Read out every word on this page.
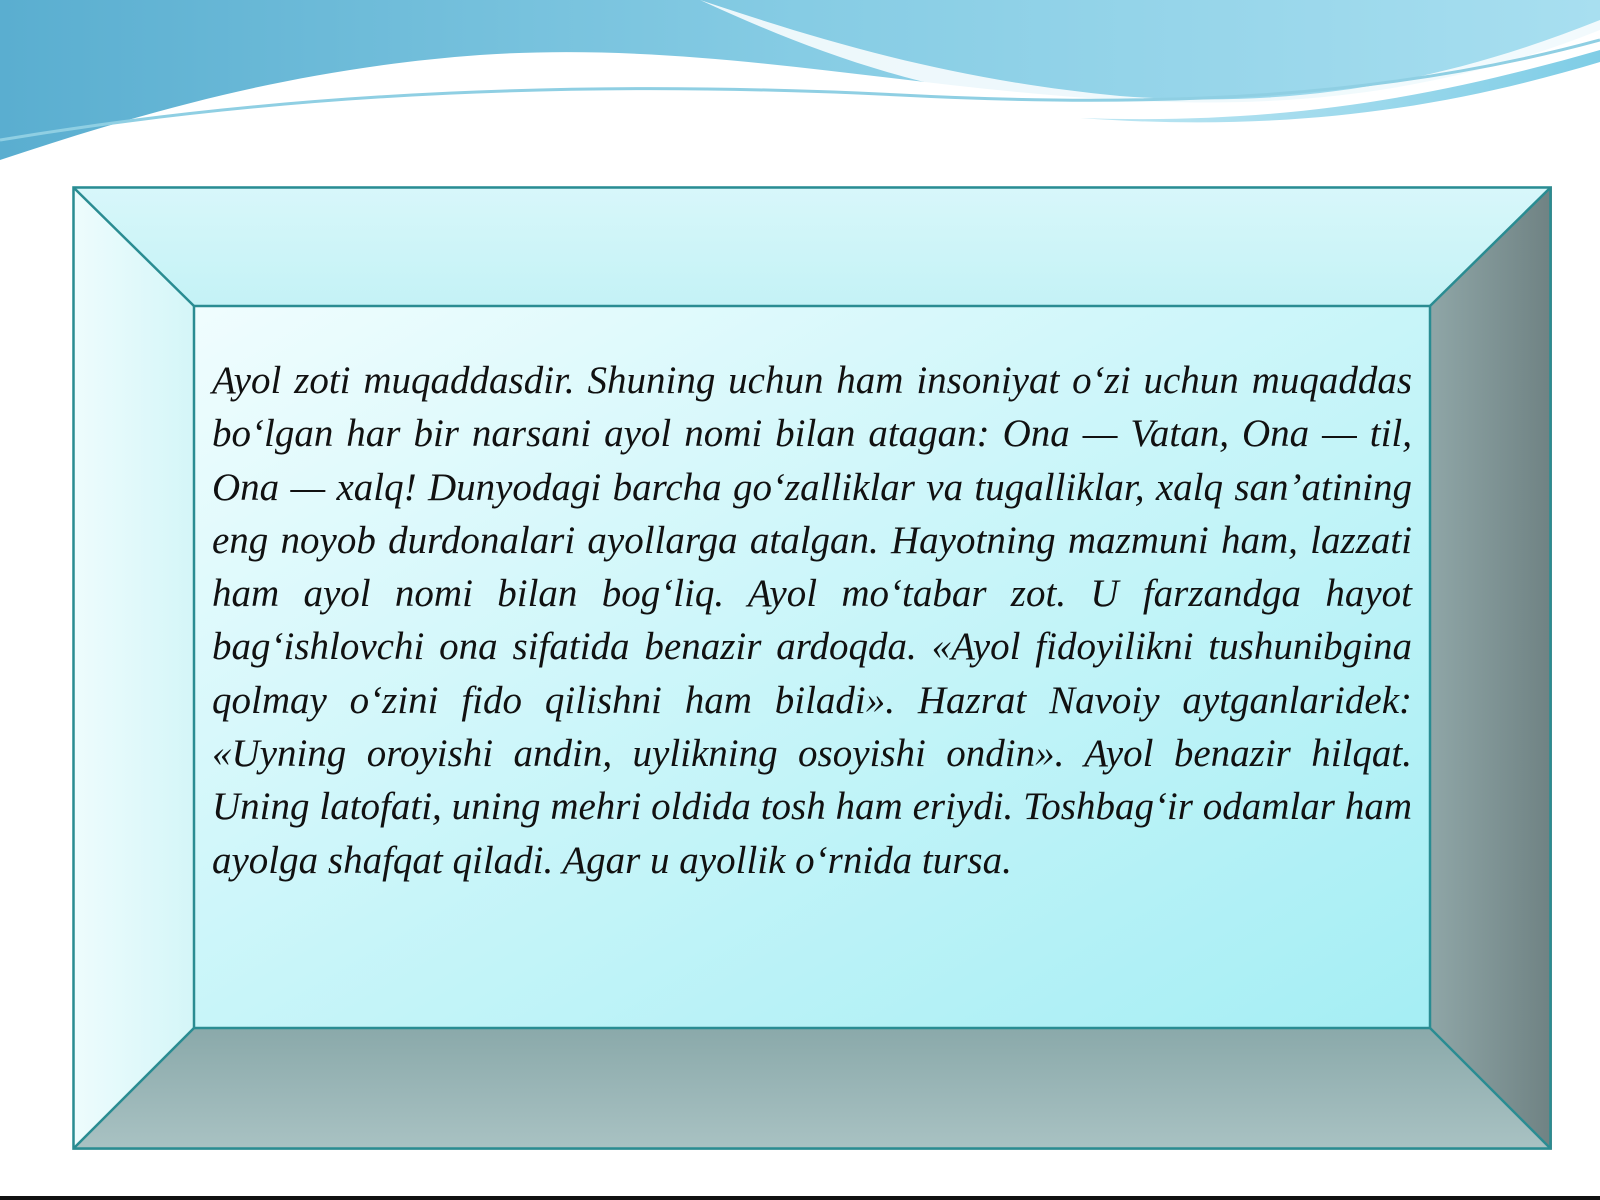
Ayol zoti muqaddasdir. Shuning uchun ham insoniyat o‘zi uchun muqaddas bo‘lgan har bir narsani ayol nomi bilan atagan: Ona — Vatan, Ona — til, Ona — xalq! Dunyodagi barcha go‘zalliklar va tugalliklar, xalq san’atining eng noyob durdonalari ayollarga atalgan. Hayotning mazmuni ham, lazzati ham ayol nomi bilan bog‘liq. Ayol mo‘tabar zot. U farzandga hayot bag‘ishlovchi ona sifatida benazir ardoqda. «Ayol fidoyilikni tushunibgina qolmay o‘zini fido qilishni ham biladi». Hazrat Navoiy aytganlaridek: «Uyning oroyishi andin, uylikning osoyishi ondin». Ayol benazir hilqat. Uning latofati, uning mehri oldida tosh ham eriydi. Toshbag‘ir odamlar ham ayolga shafqat qiladi. Agar u ayollik o‘rnida tursa.
